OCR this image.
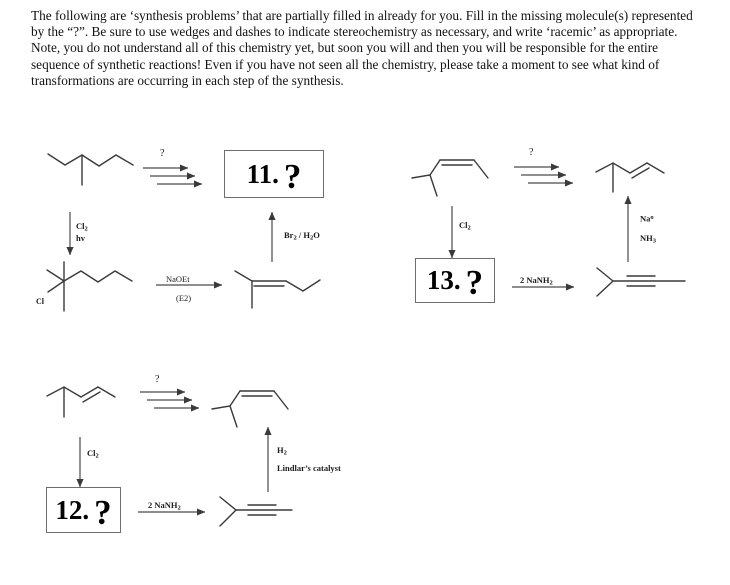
The following are ‘synthesis problems’ that are partially filled in already for you. Fill in the missing molecule(s) represented by the “?”. Be sure to use wedges and dashes to indicate stereochemistry as necessary, and write ‘racemic’ as appropriate. Note, you do not understand all of this chemistry yet, but soon you will and then you will be responsible for the entire sequence of synthetic reactions! Even if you have not seen all the chemistry, please take a moment to see what kind of transformations are occurring in each step of the synthesis.
Cl
11. ?
13. ?
12. ?
?	?
?
$Cl_2$
hv
NaOEt
(E2)
$Br_2 / H_2O$
$Cl_2$
Na$^o$
$NH_3$
2 NaNH$_2$
$Cl_2$
$H_2$
Lindlar’s catalyst
2 NaNH$_2$
